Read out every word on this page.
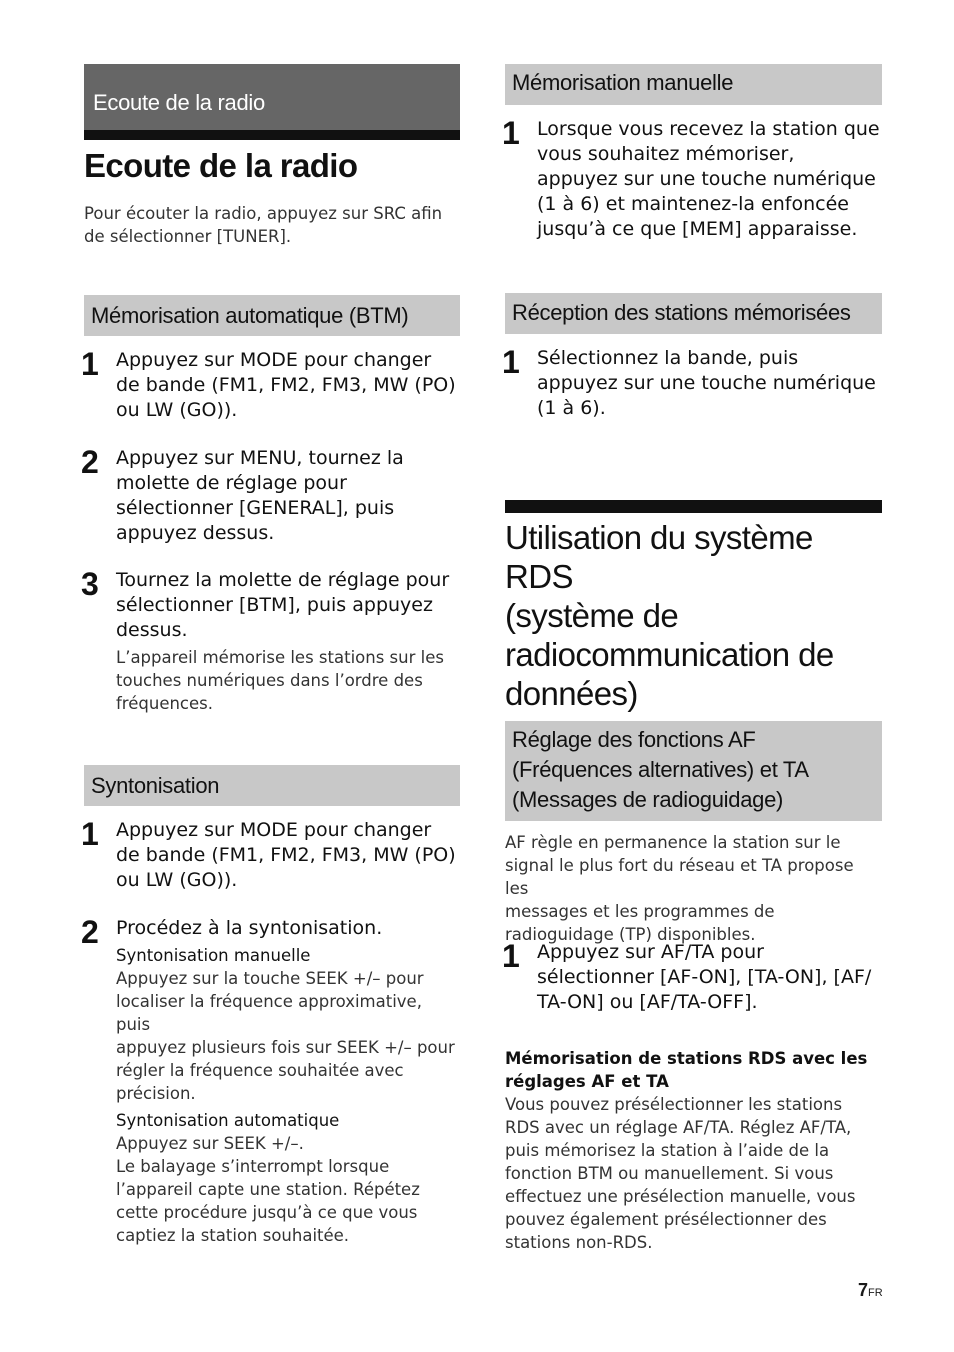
Ecoute de la radio
Ecoute de la radio

Pour écouter la radio, appuyez sur SRC afin

de sélectionner [TUNER].

Mémorisation automatique (BTM)
1 Appuyez sur MODE pour changer
de bande (FM1, FM2, FM3, MW (PO)
ou LW (GO)).
2 Appuyez sur MENU, tournez la
molette de réglage pour
sélectionner [GENERAL], puis
appuyez dessus.
3 Tournez la molette de réglage pour
sélectionner [BTM], puis appuyez
dessus.
L’appareil mémorise les stations sur les
touches numériques dans l’ordre des
fréquences.
Syntonisation
1 Appuyez sur MODE pour changer
de bande (FM1, FM2, FM3, MW (PO)
ou LW (GO)).
2 Procédez à la syntonisation.
Syntonisation manuelle
Appuyez sur la touche SEEK +/– pour
localiser la fréquence approximative, puis
appuyez plusieurs fois sur SEEK +/– pour
régler la fréquence souhaitée avec
précision.
Syntonisation automatique
Appuyez sur SEEK +/–.
Le balayage s’interrompt lorsque
l’appareil capte une station. Répétez
cette procédure jusqu’à ce que vous
captiez la station souhaitée.
Mémorisation manuelle
1 Lorsque vous recevez la station que
vous souhaitez mémoriser,
appuyez sur une touche numérique
(1 à 6) et maintenez-la enfoncée
jusqu’à ce que [MEM] apparaisse.
Réception des stations mémorisées
1 Sélectionnez la bande, puis
appuyez sur une touche numérique
(1 à 6).
Utilisation du système RDS
(système de
radiocommunication de
données)
Réglage des fonctions AF
(Fréquences alternatives) et TA
(Messages de radioguidage)

AF règle en permanence la station sur le

signal le plus fort du réseau et TA propose les

messages et les programmes de

radioguidage (TP) disponibles.

1 Appuyez sur AF/TA pour
sélectionner [AF-ON], [TA-ON], [AF/
TA-ON] ou [AF/TA-OFF].

Mémorisation de stations RDS avec les

réglages AF et TA

Vous pouvez présélectionner les stations

RDS avec un réglage AF/TA. Réglez AF/TA,

puis mémorisez la station à l’aide de la

fonction BTM ou manuellement. Si vous

effectuez une présélection manuelle, vous

pouvez également présélectionner des

stations non-RDS.

7FR
